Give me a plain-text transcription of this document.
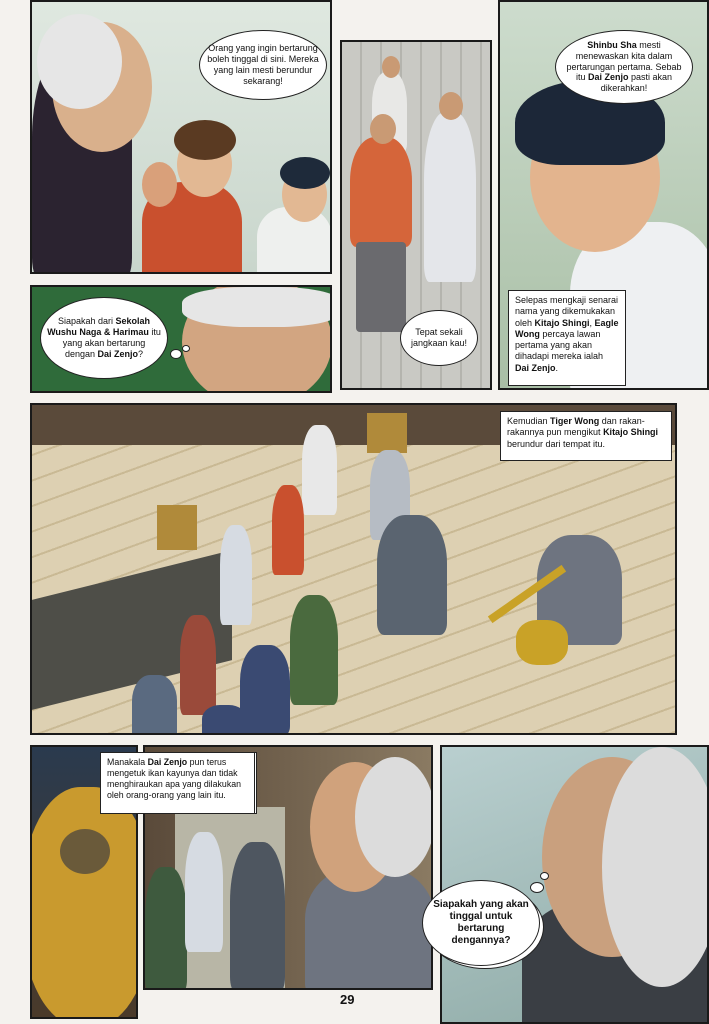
Orang yang ingin bertarung boleh tinggal di sini. Mereka yang lain mesti berundur sekarang!
Tepat sekali jangkaan kau!
Shinbu Sha mesti menewaskan kita dalam pertarungan pertama. Sebab itu Dai Zenjo pasti akan dikerahkan!
Selepas mengkaji senarai nama yang dikemukakan oleh Kitajo Shingi, Eagle Wong percaya lawan pertama yang akan dihadapi mereka ialah Dai Zenjo.
Siapakah dari Sekolah Wushu Naga & Harimau itu yang akan bertarung dengan Dai Zenjo?
Kemudian Tiger Wong dan rakan-rakannya pun mengikut Kitajo Shingi berundur dari tempat itu.
Manakala Dai Zenjo pun terus mengetuk ikan kayunya dan tidak menghiraukan apa yang dilakukan oleh orang-orang yang lain itu.
Siapakah yang akan tinggal untuk bertarung dengannya?
29
